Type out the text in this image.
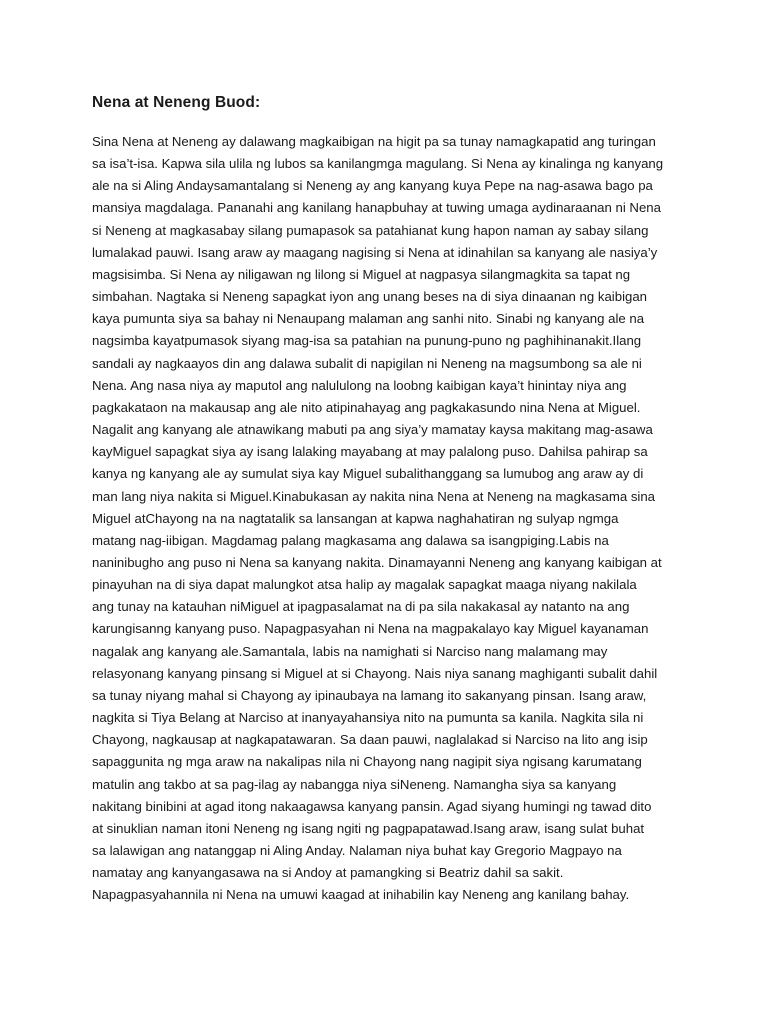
Nena at Neneng Buod:
Sina Nena at Neneng ay dalawang magkaibigan na higit pa sa tunay namagkapatid ang turingan
sa isa’t-isa. Kapwa sila ulila ng lubos sa kanilangmga magulang. Si Nena ay kinalinga ng kanyang
ale na si Aling Andaysamantalang si Neneng ay ang kanyang kuya Pepe na nag-asawa bago pa
mansiya magdalaga. Pananahi ang kanilang hanapbuhay at tuwing umaga aydinaraanan ni Nena
si Neneng at magkasabay silang pumapasok sa patahianat kung hapon naman ay sabay silang
lumalakad pauwi. Isang araw ay maagang nagising si Nena at idinahilan sa kanyang ale nasiya’y
magsisimba. Si Nena ay niligawan ng lilong si Miguel at nagpasya silangmagkita sa tapat ng
simbahan. Nagtaka si Neneng sapagkat iyon ang unang beses na di siya dinaanan ng kaibigan
kaya pumunta siya sa bahay ni Nenaupang malaman ang sanhi nito. Sinabi ng kanyang ale na
nagsimba kayatpumasok siyang mag-isa sa patahian na punung-puno ng paghihinanakit.Ilang
sandali ay nagkaayos din ang dalawa subalit di napigilan ni Neneng na magsumbong sa ale ni
Nena. Ang nasa niya ay maputol ang nalululong na loobng kaibigan kaya’t hinintay niya ang
pagkakataon na makausap ang ale nito atipinahayag ang pagkakasundo nina Nena at Miguel.
Nagalit ang kanyang ale atnawikang mabuti pa ang siya’y mamatay kaysa makitang mag-asawa
kayMiguel sapagkat siya ay isang lalaking mayabang at may palalong puso. Dahilsa pahirap sa
kanya ng kanyang ale ay sumulat siya kay Miguel subalithanggang sa lumubog ang araw ay di
man lang niya nakita si Miguel.Kinabukasan ay nakita nina Nena at Neneng na magkasama sina
Miguel atChayong na na nagtatalik sa lansangan at kapwa naghahatiran ng sulyap ngmga
matang nag-iibigan. Magdamag palang magkasama ang dalawa sa isangpiging.Labis na
naninibugho ang puso ni Nena sa kanyang nakita. Dinamayanni Neneng ang kanyang kaibigan at
pinayuhan na di siya dapat malungkot atsa halip ay magalak sapagkat maaga niyang nakilala
ang tunay na katauhan niMiguel at ipagpasalamat na di pa sila nakakasal ay natanto na ang
karungisanng kanyang puso. Napagpasyahan ni Nena na magpakalayo kay Miguel kayanaman
nagalak ang kanyang ale.Samantala, labis na namighati si Narciso nang malamang may
relasyonang kanyang pinsang si Miguel at si Chayong. Nais niya sanang maghiganti subalit dahil
sa tunay niyang mahal si Chayong ay ipinaubaya na lamang ito sakanyang pinsan. Isang araw,
nagkita si Tiya Belang at Narciso at inanyayahansiya nito na pumunta sa kanila. Nagkita sila ni
Chayong, nagkausap at nagkapatawaran. Sa daan pauwi, naglalakad si Narciso na lito ang isip
sapaggunita ng mga araw na nakalipas nila ni Chayong nang nagipit siya ngisang karumatang
matulin ang takbo at sa pag-ilag ay nabangga niya siNeneng. Namangha siya sa kanyang
nakitang binibini at agad itong nakaagawsa kanyang pansin. Agad siyang humingi ng tawad dito
at sinuklian naman itoni Neneng ng isang ngiti ng pagpapatawad.Isang araw, isang sulat buhat
sa lalawigan ang natanggap ni Aling Anday. Nalaman niya buhat kay Gregorio Magpayo na
namatay ang kanyangasawa na si Andoy at pamangking si Beatriz dahil sa sakit.
Napagpasyahannila ni Nena na umuwi kaagad at inihabilin kay Neneng ang kanilang bahay.
